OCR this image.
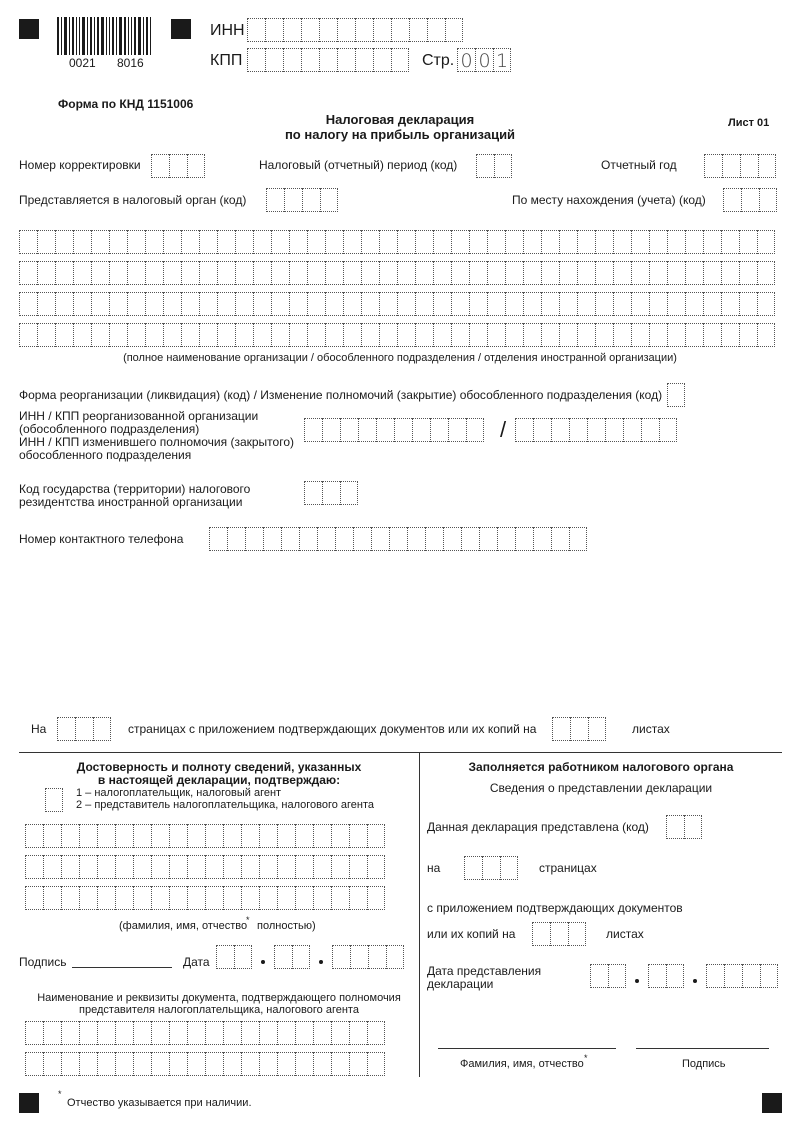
0021 8016
ИНН
КПП	Стр. 0 0 1
Форма по КНД 1151006
Налоговая декларация
по налогу на прибыль организаций
Лист 01
Номер корректировки	Налоговый (отчетный) период (код)	Отчетный год
Представляется в налоговый орган (код)	По месту нахождения (учета) (код)
(полное наименование организации / обособленного подразделения / отделения иностранной организации)
Форма реорганизации (ликвидация) (код) / Изменение полномочий (закрытие) обособленного подразделения (код)
ИНН / КПП реорганизованной организации
(обособленного подразделения)
ИНН / КПП изменившего полномочия (закрытого)
обособленного подразделения
/
Код государства (территории) налогового
резидентства иностранной организации
Номер контактного телефона
На	страницах с приложением подтверждающих документов или их копий на	листах
Достоверность и полноту сведений, указанных
в настоящей декларации, подтверждаю:
1 – налогоплательщик, налоговый агент
2 – представитель налогоплательщика, налогового агента
(фамилия, имя, отчество
* полностью)
Подпись	Дата
Наименование и реквизиты документа, подтверждающего полномочия
представителя налогоплательщика, налогового агента
Заполняется работником налогового органа
Сведения о представлении декларации
Данная декларация представлена (код)
на	страницах
с приложением подтверждающих документов
или их копий на	листах
Дата представления
декларации
Фамилия, имя, отчество *	Подпись
*
Отчество указывается при наличии.
